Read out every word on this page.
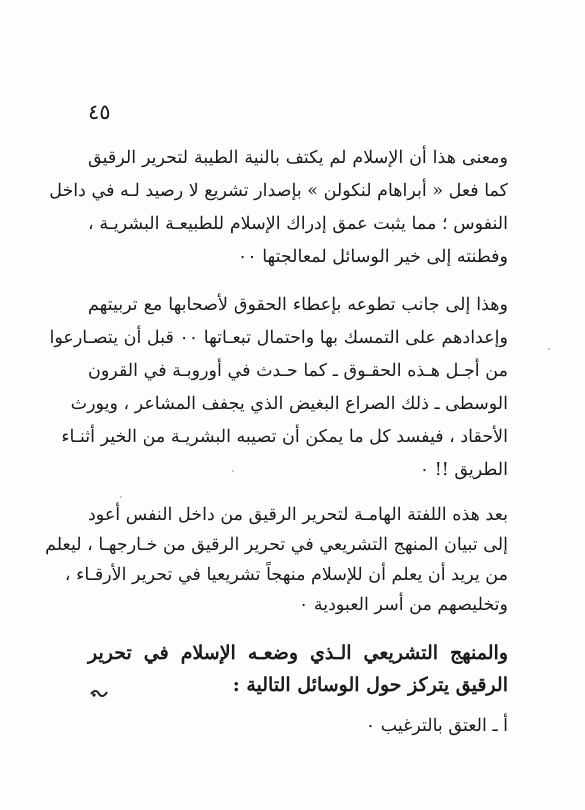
٤٥
ومعنى هذا أن الإسلام لم يكتف بالنية الطيبة لتحرير الرقيق
كما فعل « أبراهام لنكولن » بإصدار تشريع لا رصيد لـه في داخل
النفوس ؛ مما يثبت عمق إدراك الإسلام للطبيعـة البشريـة ،
وفطنته إلى خير الوسائل لمعالجتها ٠٠
وهذا إلى جانب تطوعه بإعطاء الحقوق لأصحابها مع تربيتهم
وإعدادهم على التمسك بها واحتمال تبعـاتها ٠٠ قبل أن يتصـارعوا
من أجـل هـذه الحقـوق ـ كما حـدث في أوروبـة في القرون
الوسطى ـ ذلك الصراع البغيض الذي يجفف المشاعر ، ويورث
الأحقاد ، فيفسد كل ما يمكن أن تصيبه البشريـة من الخير أثنـاء
الطريق !! ٠
بعد هذه اللفتة الهامـة لتحرير الرقيق من داخل النفس أعود
إلى تبيان المنهج التشريعي في تحرير الرقيق من خـارجهـا ، ليعلم
من يريد أن يعلم أن للإسلام منهجاً تشريعيا في تحرير الأرقـاء ،
وتخليصهم من أسر العبودية ٠
والمنهج التشريعي الـذي وضعـه الإسلام في تحرير
الرقيق يتركز حول الوسائل التالية :
أ ـ العتق بالترغيب ٠
